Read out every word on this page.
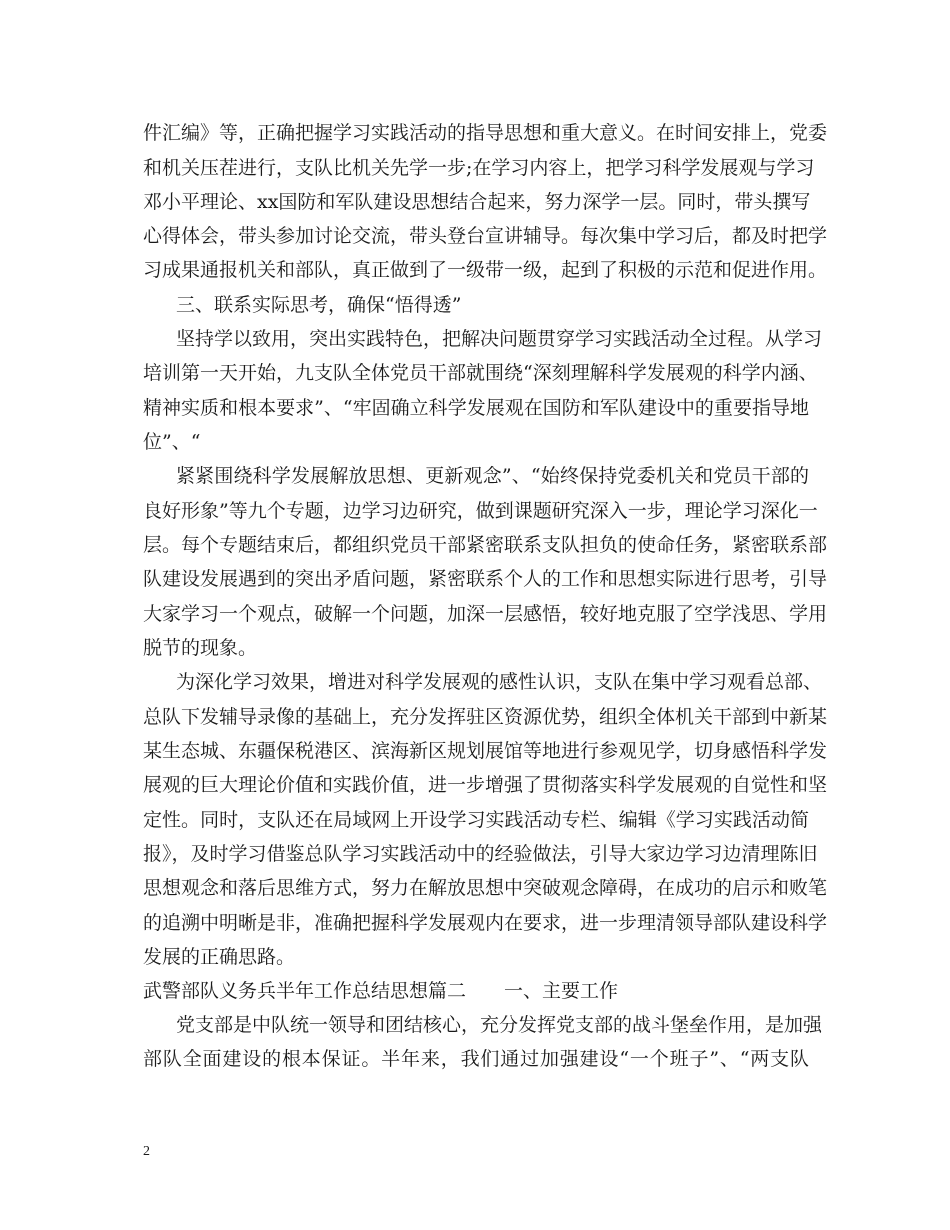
件汇编》等，正确把握学习实践活动的指导思想和重大意义。在时间安排上，党委
和机关压茬进行，支队比机关先学一步;在学习内容上，把学习科学发展观与学习
邓小平理论、xx国防和军队建设思想结合起来，努力深学一层。同时，带头撰写
心得体会，带头参加讨论交流，带头登台宣讲辅导。每次集中学习后，都及时把学
习成果通报机关和部队，真正做到了一级带一级，起到了积极的示范和促进作用。
三、联系实际思考，确保“悟得透”
坚持学以致用，突出实践特色，把解决问题贯穿学习实践活动全过程。从学习
培训第一天开始，九支队全体党员干部就围绕“深刻理解科学发展观的科学内涵、
精神实质和根本要求”、“牢固确立科学发展观在国防和军队建设中的重要指导地
位”、“
紧紧围绕科学发展解放思想、更新观念”、“始终保持党委机关和党员干部的
良好形象”等九个专题，边学习边研究，做到课题研究深入一步，理论学习深化一
层。每个专题结束后，都组织党员干部紧密联系支队担负的使命任务，紧密联系部
队建设发展遇到的突出矛盾问题，紧密联系个人的工作和思想实际进行思考，引导
大家学习一个观点，破解一个问题，加深一层感悟，较好地克服了空学浅思、学用
脱节的现象。
为深化学习效果，增进对科学发展观的感性认识，支队在集中学习观看总部、
总队下发辅导录像的基础上，充分发挥驻区资源优势，组织全体机关干部到中新某
某生态城、东疆保税港区、滨海新区规划展馆等地进行参观见学，切身感悟科学发
展观的巨大理论价值和实践价值，进一步增强了贯彻落实科学发展观的自觉性和坚
定性。同时，支队还在局域网上开设学习实践活动专栏、编辑《学习实践活动简
报》，及时学习借鉴总队学习实践活动中的经验做法，引导大家边学习边清理陈旧
思想观念和落后思维方式，努力在解放思想中突破观念障碍，在成功的启示和败笔
的追溯中明晰是非，准确把握科学发展观内在要求，进一步理清领导部队建设科学
发展的正确思路。
武警部队义务兵半年工作总结思想篇二　　一、主要工作
党支部是中队统一领导和团结核心，充分发挥党支部的战斗堡垒作用，是加强
部队全面建设的根本保证。半年来，我们通过加强建设“一个班子”、“两支队
2
